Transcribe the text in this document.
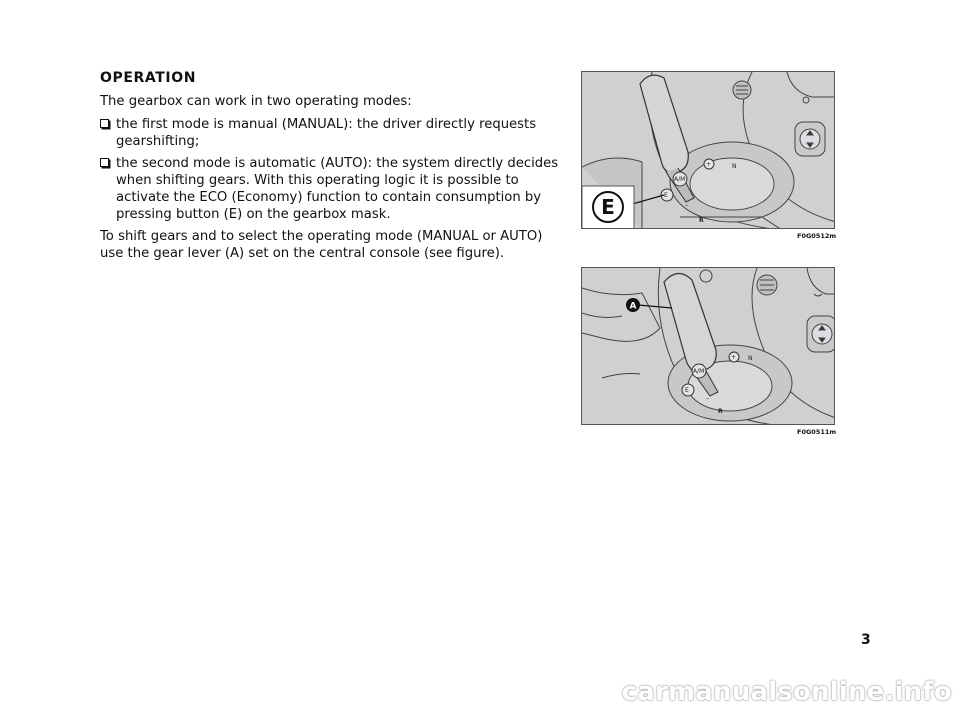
OPERATION

The gearbox can work in two operating modes:

the first mode is manual (MANUAL): the driver directly requests gearshifting;
the second mode is automatic (AUTO): the system directly decides when shifting gears. With this operating logic it is possible to activate the ECO (Economy) function to contain consumption by pressing button (E) on the gearbox mask.

To shift gears and to select the operating mode (MANUAL or AUTO) use the gear lever (A) set on the central console (see figure).

A/M
+	N
E
–
R
E
F0G0512m
A/M
+ N
E
–
R
A
F0G0511m
3
carmanualsonline.info
